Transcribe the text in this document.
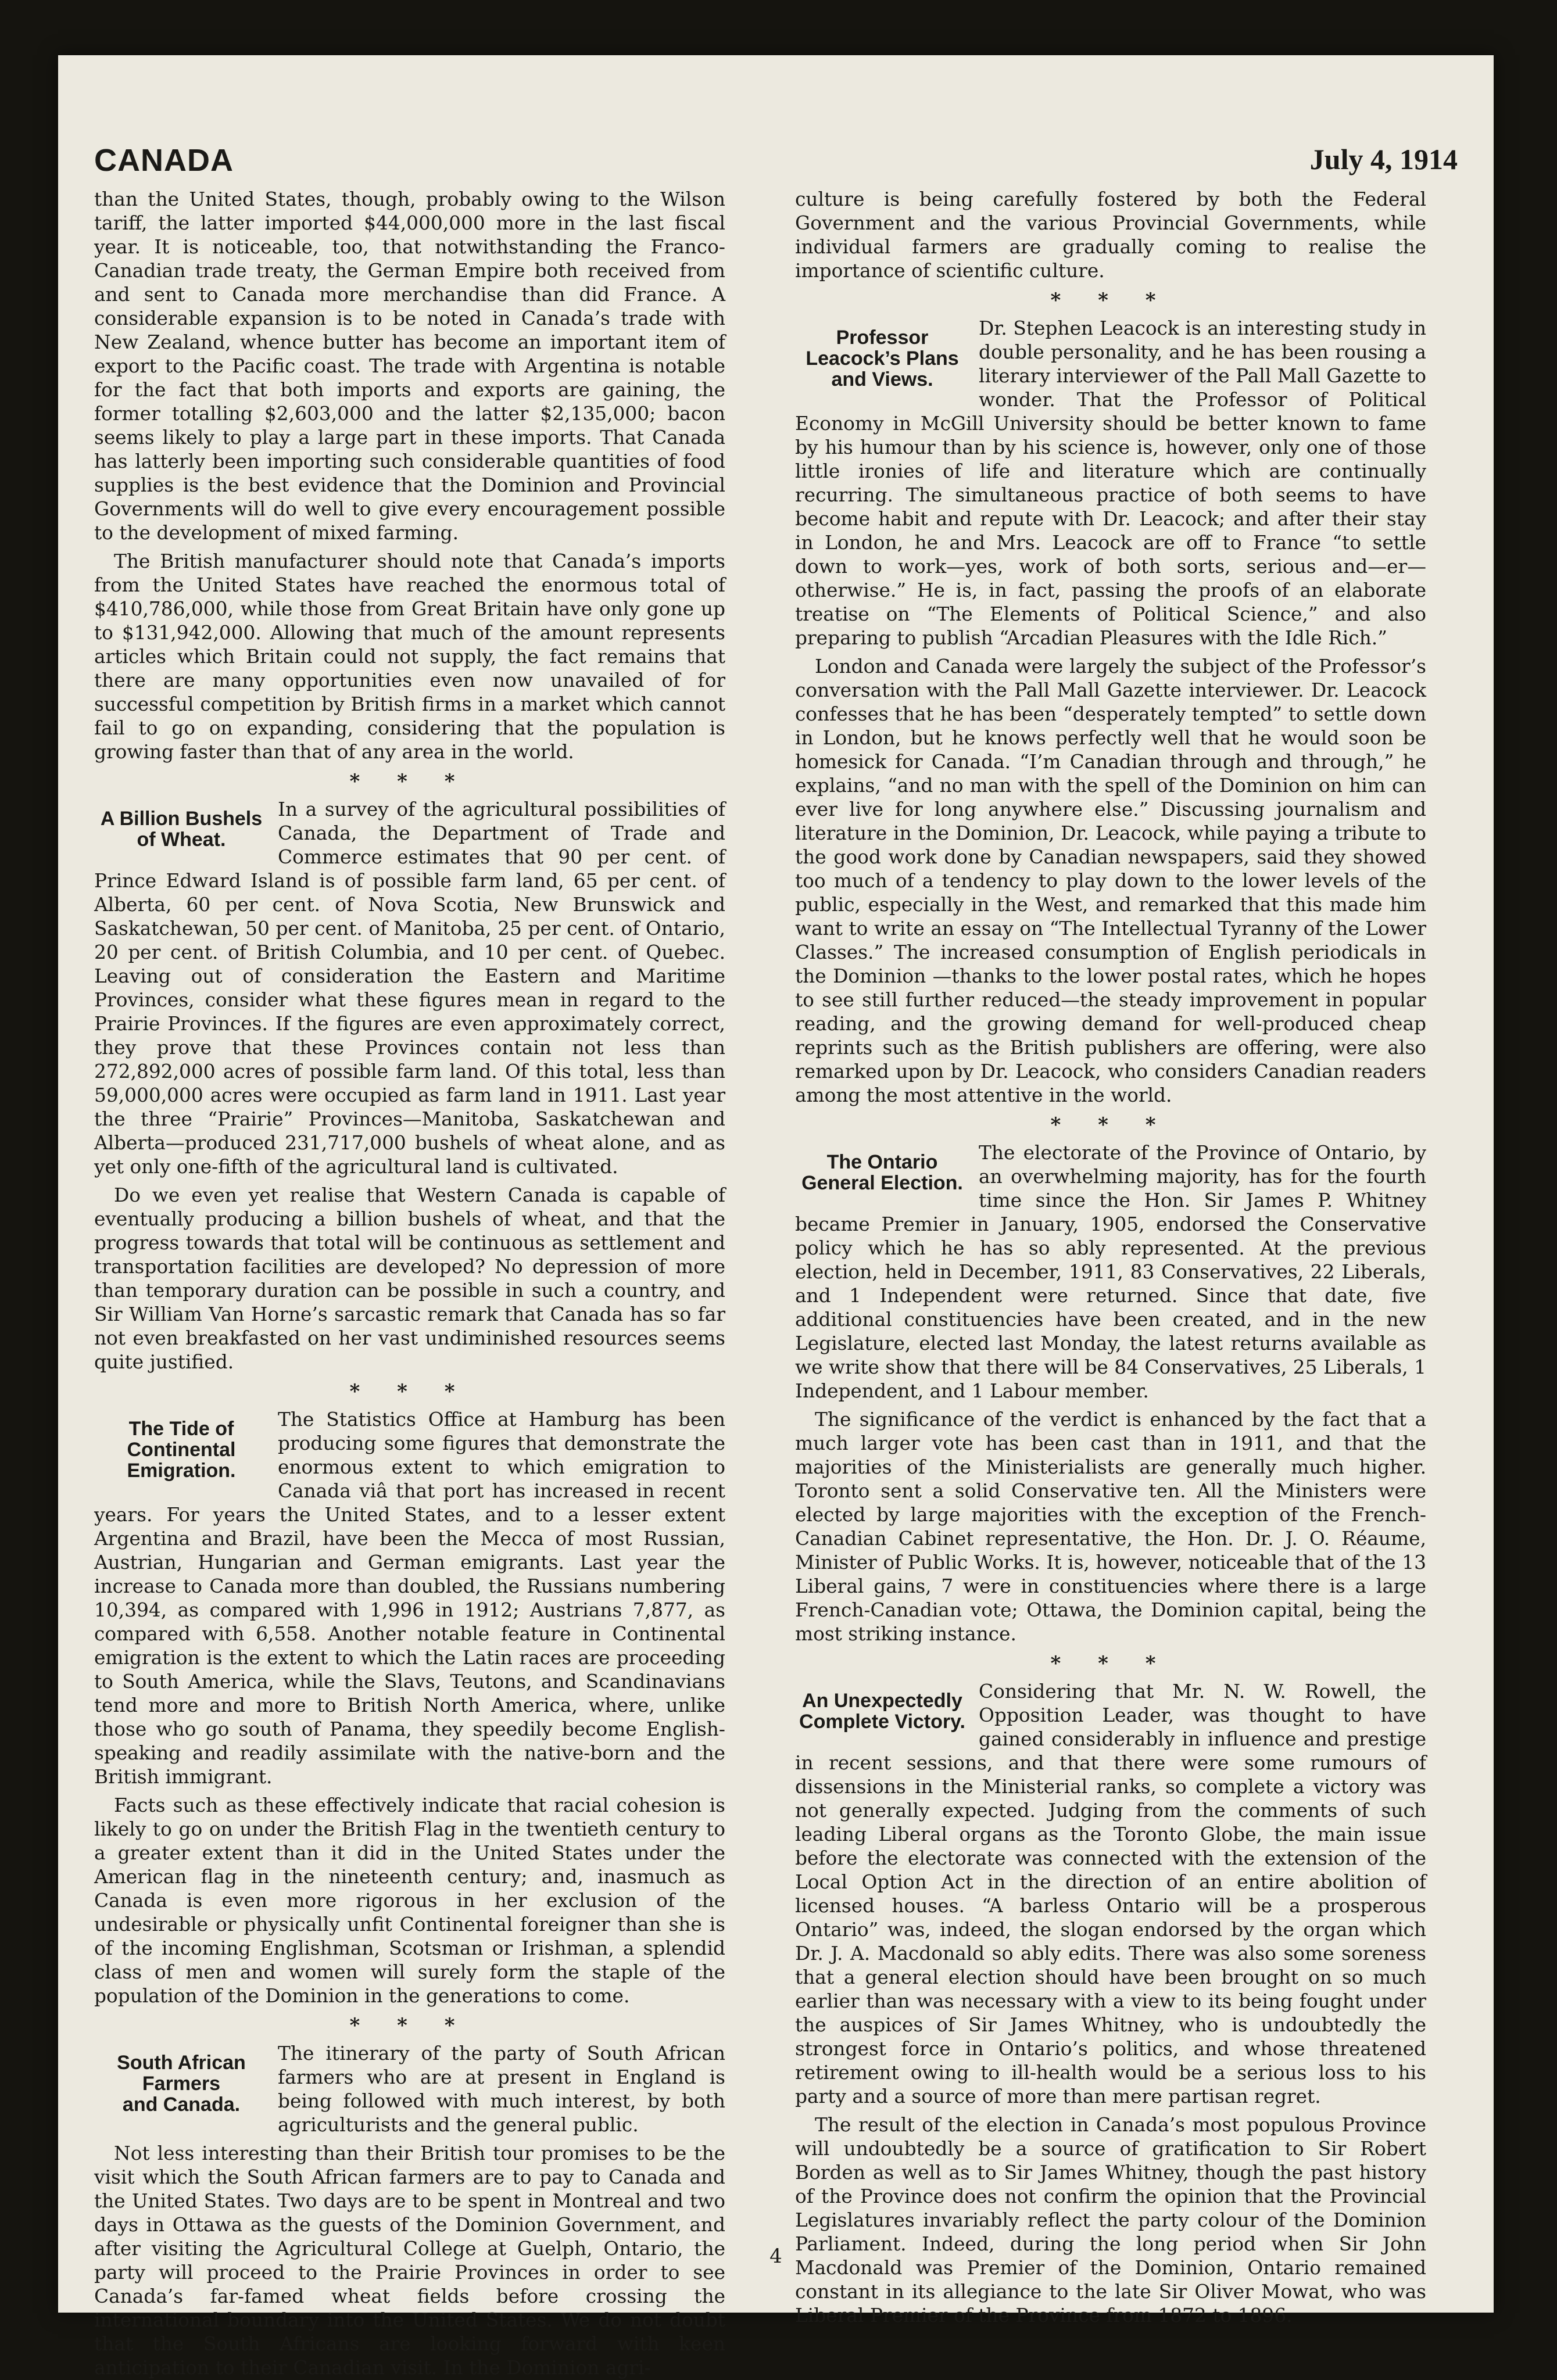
CANADA	July 4, 1914

than the United States, though, probably owing to the Wilson tariff, the latter imported $44,000,000 more in the last fiscal year. It is noticeable, too, that notwithstanding the Franco-Canadian trade treaty, the German Empire both received from and sent to Canada more merchandise than did France. A considerable expansion is to be noted in Canada’s trade with New Zealand, whence butter has become an important item of export to the Pacific coast. The trade with Argentina is notable for the fact that both imports and exports are gaining, the former totalling $2,603,000 and the latter $2,135,000; bacon seems likely to play a large part in these imports. That Canada has latterly been importing such considerable quantities of food supplies is the best evidence that the Dominion and Provincial Governments will do well to give every encouragement possible to the development of mixed farming.

The British manufacturer should note that Canada’s imports from the United States have reached the enormous total of $410,786,000, while those from Great Britain have only gone up to $131,942,000. Allowing that much of the amount represents articles which Britain could not supply, the fact remains that there are many opportunities even now unavailed of for successful competition by British firms in a market which cannot fail to go on expanding, considering that the population is growing faster than that of any area in the world.

* * *
A Billion Bushels
of Wheat.

In a survey of the agricultural possibilities of Canada, the Department of Trade and Commerce estimates that 90 per cent. of Prince Edward Island is of possible farm land, 65 per cent. of Alberta, 60 per cent. of Nova Scotia, New Brunswick and Saskatchewan, 50 per cent. of Manitoba, 25 per cent. of Ontario, 20 per cent. of British Columbia, and 10 per cent. of Quebec. Leaving out of consideration the Eastern and Maritime Provinces, consider what these figures mean in regard to the Prairie Provinces. If the figures are even approximately correct, they prove that these Provinces contain not less than 272,892,000 acres of possible farm land. Of this total, less than 59,000,000 acres were occupied as farm land in 1911. Last year the three “Prairie” Provinces—Manitoba, Saskatchewan and Alberta—produced 231,717,000 bushels of wheat alone, and as yet only one-fifth of the agricultural land is cultivated.

Do we even yet realise that Western Canada is capable of eventually producing a billion bushels of wheat, and that the progress towards that total will be continuous as settlement and transportation facilities are developed? No depression of more than temporary duration can be possible in such a country, and Sir William Van Horne’s sarcastic remark that Canada has so far not even breakfasted on her vast undiminished resources seems quite justified.

* * *
The Tide of
Continental
Emigration.

The Statistics Office at Hamburg has been producing some figures that demonstrate the enormous extent to which emigration to Canada viâ that port has increased in recent years. For years the United States, and to a lesser extent Argentina and Brazil, have been the Mecca of most Russian, Austrian, Hungarian and German emigrants. Last year the increase to Canada more than doubled, the Russians numbering 10,394, as compared with 1,996 in 1912; Austrians 7,877, as compared with 6,558. Another notable feature in Continental emigration is the extent to which the Latin races are proceeding to South America, while the Slavs, Teutons, and Scandinavians tend more and more to British North America, where, unlike those who go south of Panama, they speedily become English-speaking and readily assimilate with the native-born and the British immigrant.

Facts such as these effectively indicate that racial cohesion is likely to go on under the British Flag in the twentieth century to a greater extent than it did in the United States under the American flag in the nineteenth century; and, inasmuch as Canada is even more rigorous in her exclusion of the undesirable or physically unfit Continental foreigner than she is of the incoming Englishman, Scotsman or Irishman, a splendid class of men and women will surely form the staple of the population of the Dominion in the generations to come.

* * *
South African
Farmers
and Canada.

The itinerary of the party of South African farmers who are at present in England is being followed with much interest, by both agriculturists and the general public.

Not less interesting than their British tour promises to be the visit which the South African farmers are to pay to Canada and the United States. Two days are to be spent in Montreal and two days in Ottawa as the guests of the Dominion Government, and after visiting the Agricultural College at Guelph, Ontario, the party will proceed to the Prairie Provinces in order to see Canada’s far-famed wheat fields before crossing the international boundary into the United States. We do not doubt that the South Africans are looking forward with keen anticipation to their Canadian visit. In the Dominion agri-

culture is being carefully fostered by both the Federal Government and the various Provincial Governments, while individual farmers are gradually coming to realise the importance of scientific culture.

* * *
Professor
Leacock’s Plans
and Views.

Dr. Stephen Leacock is an interesting study in double personality, and he has been rousing a literary interviewer of the Pall Mall Gazette to wonder. That the Professor of Political Economy in McGill University should be better known to fame by his humour than by his science is, however, only one of those little ironies of life and literature which are continually recurring. The simultaneous practice of both seems to have become habit and repute with Dr. Leacock; and after their stay in London, he and Mrs. Leacock are off to France “to settle down to work—yes, work of both sorts, serious and—er—otherwise.” He is, in fact, passing the proofs of an elaborate treatise on “The Elements of Political Science,” and also preparing to publish “Arcadian Pleasures with the Idle Rich.”

London and Canada were largely the subject of the Professor’s conversation with the Pall Mall Gazette interviewer. Dr. Leacock confesses that he has been “desperately tempted” to settle down in London, but he knows perfectly well that he would soon be homesick for Canada. “I’m Canadian through and through,” he explains, “and no man with the spell of the Dominion on him can ever live for long anywhere else.” Discussing journalism and literature in the Dominion, Dr. Leacock, while paying a tribute to the good work done by Canadian newspapers, said they showed too much of a tendency to play down to the lower levels of the public, especially in the West, and remarked that this made him want to write an essay on “The Intellectual Tyranny of the Lower Classes.” The increased consumption of English periodicals in the Dominion —thanks to the lower postal rates, which he hopes to see still further reduced—the steady improvement in popular reading, and the growing demand for well-produced cheap reprints such as the British publishers are offering, were also remarked upon by Dr. Leacock, who considers Canadian readers among the most attentive in the world.

* * *
The Ontario
General Election.

The electorate of the Province of Ontario, by an overwhelming majority, has for the fourth time since the Hon. Sir James P. Whitney became Premier in January, 1905, endorsed the Conservative policy which he has so ably represented. At the previous election, held in December, 1911, 83 Conservatives, 22 Liberals, and 1 Independent were returned. Since that date, five additional constituencies have been created, and in the new Legislature, elected last Monday, the latest returns available as we write show that there will be 84 Conservatives, 25 Liberals, 1 Independent, and 1 Labour member.

The significance of the verdict is enhanced by the fact that a much larger vote has been cast than in 1911, and that the majorities of the Ministerialists are generally much higher. Toronto sent a solid Conservative ten. All the Ministers were elected by large majorities with the exception of the French-Canadian Cabinet representative, the Hon. Dr. J. O. Réaume, Minister of Public Works. It is, however, noticeable that of the 13 Liberal gains, 7 were in constituencies where there is a large French-Canadian vote; Ottawa, the Dominion capital, being the most striking instance.

* * *
An Unexpectedly
Complete Victory.

Considering that Mr. N. W. Rowell, the Opposition Leader, was thought to have gained considerably in influence and prestige in recent sessions, and that there were some rumours of dissensions in the Ministerial ranks, so complete a victory was not generally expected. Judging from the comments of such leading Liberal organs as the Toronto Globe, the main issue before the electorate was connected with the extension of the Local Option Act in the direction of an entire abolition of licensed houses. “A barless Ontario will be a prosperous Ontario” was, indeed, the slogan endorsed by the organ which Dr. J. A. Macdonald so ably edits. There was also some soreness that a general election should have been brought on so much earlier than was necessary with a view to its being fought under the auspices of Sir James Whitney, who is undoubtedly the strongest force in Ontario’s politics, and whose threatened retirement owing to ill-health would be a serious loss to his party and a source of more than mere partisan regret.

The result of the election in Canada’s most populous Province will undoubtedly be a source of gratification to Sir Robert Borden as well as to Sir James Whitney, though the past history of the Province does not confirm the opinion that the Provincial Legislatures invariably reflect the party colour of the Dominion Parliament. Indeed, during the long period when Sir John Macdonald was Premier of the Dominion, Ontario remained constant in its allegiance to the late Sir Oliver Mowat, who was Liberal Premier of the Province from 1872 to 1896.

4
